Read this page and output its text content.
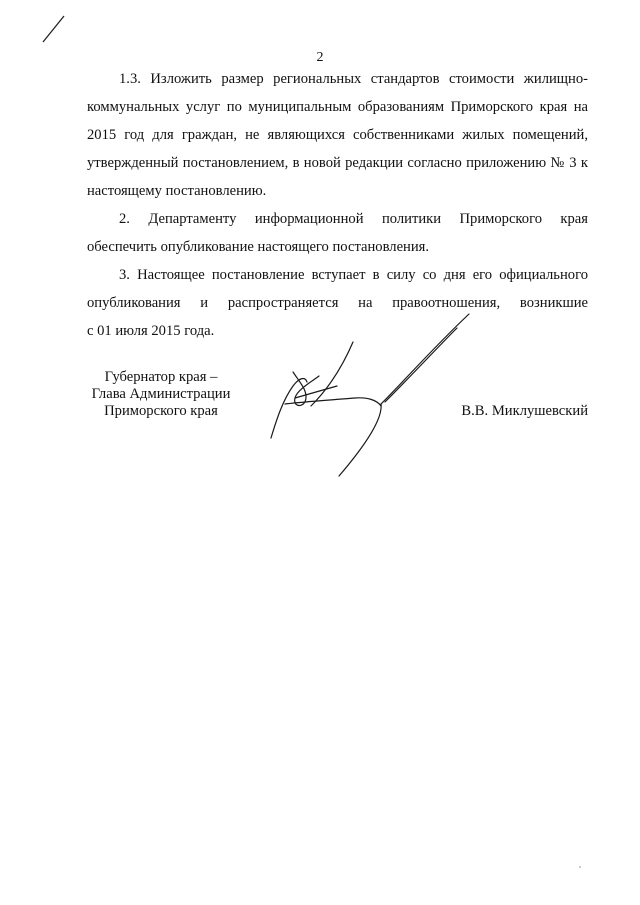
2

1.3. Изложить размер региональных стандартов стоимости жилищно-

коммунальных услуг по муниципальным образованиям Приморского края на

2015 год для граждан, не являющихся собственниками жилых помещений,

утвержденный постановлением, в новой редакции согласно приложению № 3 к

настоящему постановлению.

2. Департаменту информационной политики Приморского края

обеспечить опубликование настоящего постановления.

3. Настоящее постановление вступает в силу со дня его официального

опубликования и распространяется на правоотношения, возникшие

с 01 июля 2015 года.

Губернатор края –
Глава Администрации
Приморского края	В.В. Миклушевский
